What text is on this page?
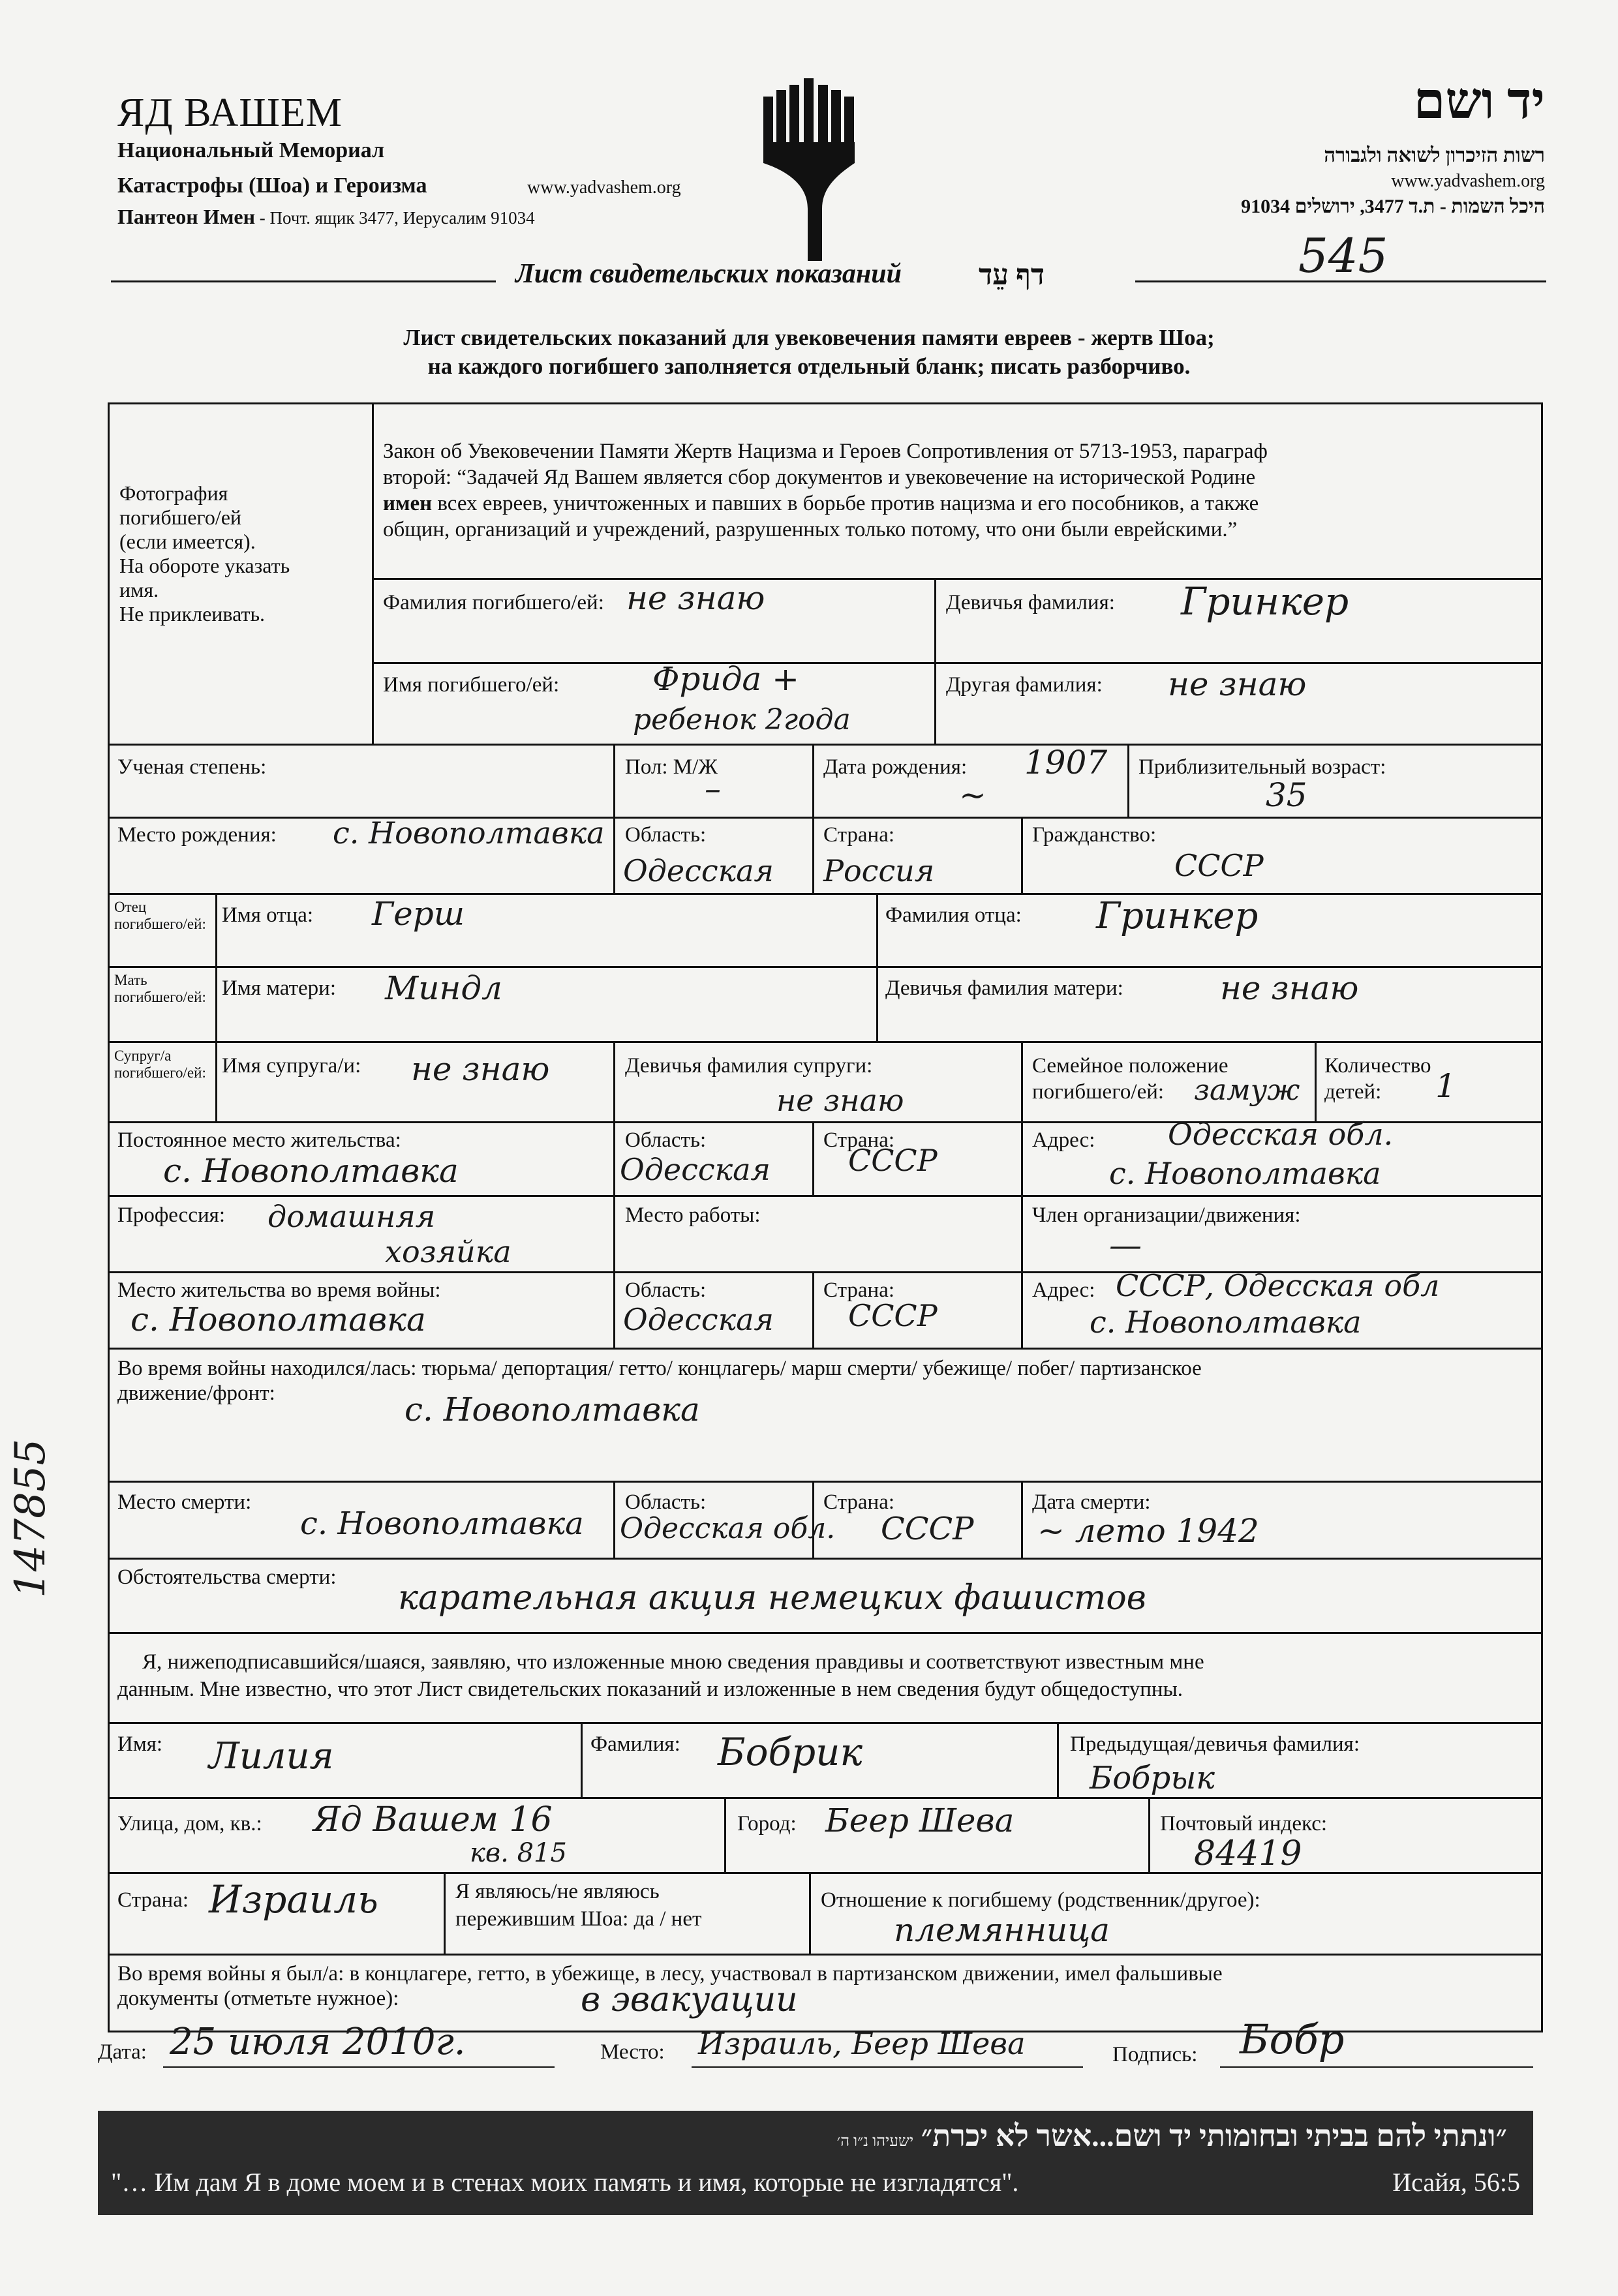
ЯД ВАШЕМ
Национальный Мемориал
Катастрофы (Шоа) и Героизма	www.yadvashem.org
Пантеон Имен - Почт. ящик 3477, Иерусалим 91034
יד ושם
רשות הזיכרון לשואה ולגבורה
www.yadvashem.org
היכל השמות - ת.ד 3477, ירושלים 91034
Лист свидетельских показаний	דף עֵד	545
Лист свидетельских показаний для увековечения памяти евреев - жертв Шоа;
на каждого погибшего заполняется отдельный бланк; писать разборчиво.
Фотография
погибшего/ей
(если имеется).
На обороте указать
имя.
Не приклеивать.
Закон об Увековечении Памяти Жертв Нацизма и Героев Сопротивления от 5713-1953, параграф
второй: “Задачей Яд Вашем является сбор документов и увековечение на исторической Родине
имен всех евреев, уничтоженных и павших в борьбе против нацизма и его пособников, а также
общин, организаций и учреждений, разрушенных только потому, что они были еврейскими.”
Фамилия погибшего/ей: не знаю	Девичья фамилия: Гринкер
Имя погибшего/ей:	Фрида +
ребенок 2года
Другая фамилия: не знаю
Ученая степень:	Пол: М/Ж
–
Дата рождения: 1907
~
Приблизительный возраст:
35
Место рождения: с. Новополтавка Область:
Одесская
Страна:
Россия
Гражданство:
СССР
Отец погибшего/ей: Имя отца: Герш	Фамилия отца: Гринкер
Мать погибшего/ей: Имя матери: Миндл	Девичья фамилия матери:	не знаю
Супруг/а погибшего/ей: Имя супруга/и: не знаю	Девичья фамилия супруги:
не знаю
Семейное положение
погибшего/ей: замуж
Количество
детей: 1
Постоянное место жительства:
с. Новополтавка
Область:
Одесская
Страна:
СССР
Адрес: Одесская обл.
с. Новополтавка
Профессия: домашняя
хозяйка
Место работы:	Член организации/движения:
—
Место жительства во время войны:
с. Новополтавка
Область:
Одесская
Страна:
СССР
Адрес: СССР, Одесская обл
с. Новополтавка
Во время войны находился/лась: тюрьма/ депортация/ гетто/ концлагерь/ марш смерти/ убежище/ побег/ партизанское
движение/фронт:	с. Новополтавка
Место смерти:
с. Новополтавка
Область:
Одесская обл.
Страна:
СССР
Дата смерти:
~ лето 1942
Обстоятельства смерти:
карательная акция немецких фашистов
Я, нижеподписавшийся/шаяся, заявляю, что изложенные мною сведения правдивы и соответствуют известным мне
данным. Мне известно, что этот Лист свидетельских показаний и изложенные в нем сведения будут общедоступны.
Имя: Лилия	Фамилия: Бобрик	Предыдущая/девичья фамилия:
Бобрык
Улица, дом, кв.: Яд Вашем 16
кв. 815
Город: Беер Шева	Почтовый индекс:
84419
Страна: Израиль	Я являюсь/не являюсь
пережившим Шоа: да / нет
Отношение к погибшему (родственник/другое):
племянница
Во время войны я был/а: в концлагере, гетто, в убежище, в лесу, участвовал в партизанском движении, имел фальшивые
документы (отметьте нужное):	в эвакуации
Дата: 25 июля 2010г.	Место: Израиль, Беер Шева	Подпись: Бобр
147855
״ונתתי להם בביתי ובחומותי יד ושם...אשר לא יכרת״ ישעיהו נ״ו ה׳
"… Им дам Я в доме моем и в стенах моих память и имя, которые не изгладятся".	Исайя, 56:5
